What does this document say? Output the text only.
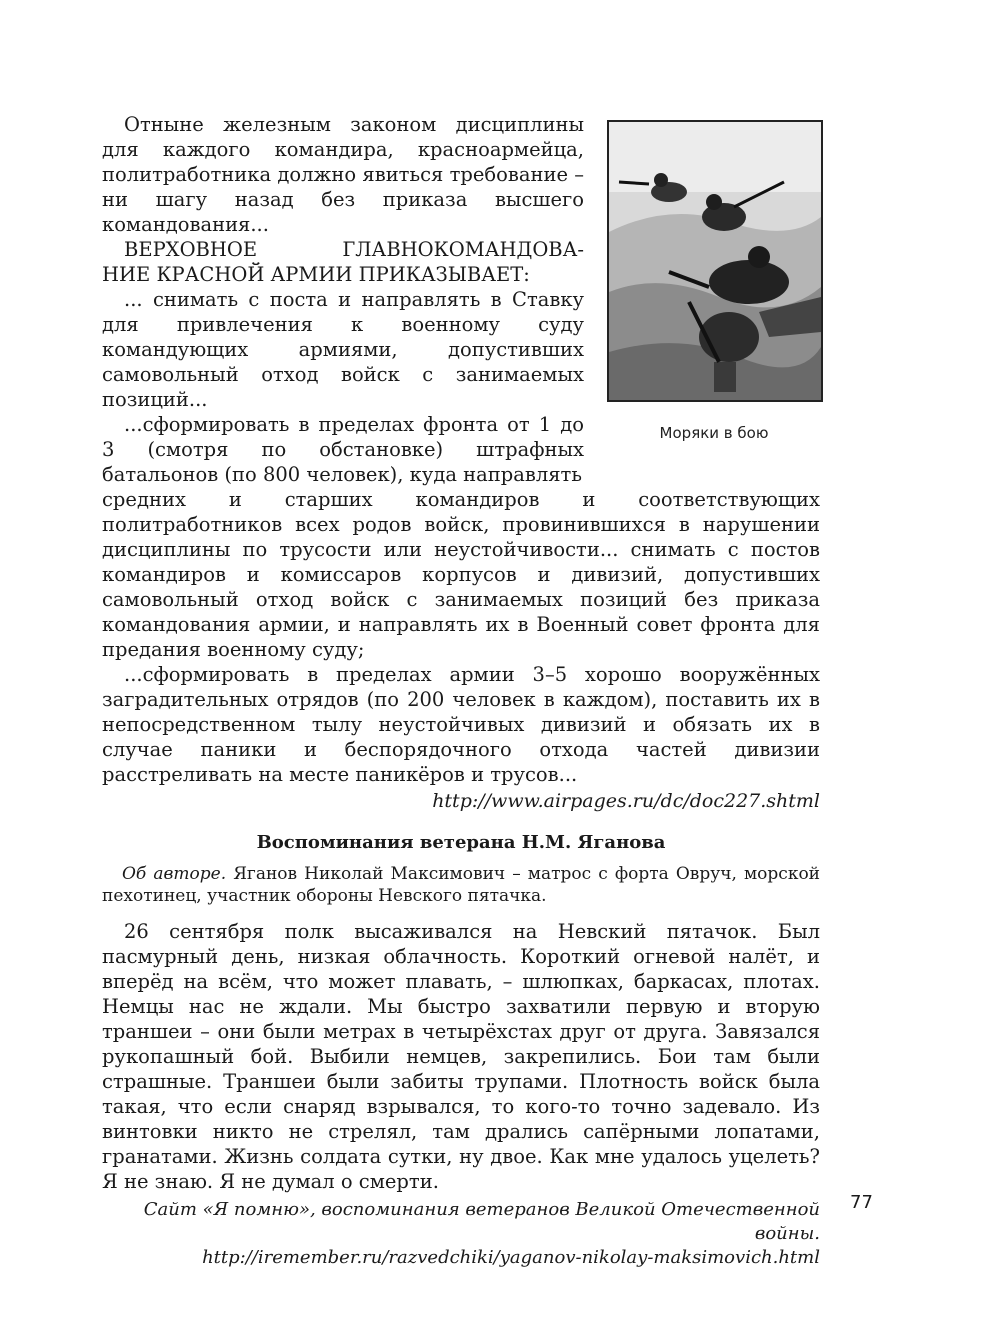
Моряки в бою

Отныне железным законом дисциплины для каждого командира, красноармейца, политработника должно явиться требование – ни шагу назад без приказа высшего командования...

ВЕРХОВНОЕ ГЛАВНОКОМАНДОВА-

НИЕ КРАСНОЙ АРМИИ ПРИКАЗЫВАЕТ:

... снимать с поста и направлять в Ставку для привлечения к военному суду командующих армиями, допустивших самовольный отход войск с занимаемых позиций...

...сформировать в пределах фронта от 1 до 3 (смотря по обстановке) штрафных батальонов (по 800 человек), куда направлять

средних и старших командиров и соответствующих политработников всех родов войск, провинившихся в нарушении дисциплины по трусости или неустойчивости... снимать с постов командиров и комиссаров корпусов и дивизий, допустивших самовольный отход войск с занимаемых позиций без приказа командования армии, и направлять их в Военный совет фронта для предания военному суду;

...сформировать в пределах армии 3–5 хорошо вооружённых заградительных отрядов (по 200 человек в каждом), поставить их в непосредственном тылу неустойчивых дивизий и обязать их в случае паники и беспорядочного отхода частей дивизии расстреливать на месте паникёров и трусов...

http://www.airpages.ru/dc/doc227.shtml

Воспоминания ветерана Н.М. Яганова

Об авторе. Яганов Николай Максимович – матрос с форта Овруч, морской пехотинец, участник обороны Невского пятачка.

26 сентября полк высаживался на Невский пятачок. Был пасмурный день, низкая облачность. Короткий огневой налёт, и вперёд на всём, что может плавать, – шлюпках, баркасах, плотах. Немцы нас не ждали. Мы быстро захватили первую и вторую траншеи – они были метрах в четырёхстах друг от друга. Завязался рукопашный бой. Выбили немцев, закрепились. Бои там были страшные. Траншеи были забиты трупами. Плотность войск была такая, что если снаряд взрывался, то кого-то точно задевало. Из винтовки никто не стрелял, там дрались сапёрными лопатами, гранатами. Жизнь солдата сутки, ну двое. Как мне удалось уцелеть? Я не знаю. Я не думал о смерти.

Сайт «Я помню», воспоминания ветеранов Великой Отечественной войны.

http://iremember.ru/razvedchiki/yaganov-nikolay-maksimovich.html

77
